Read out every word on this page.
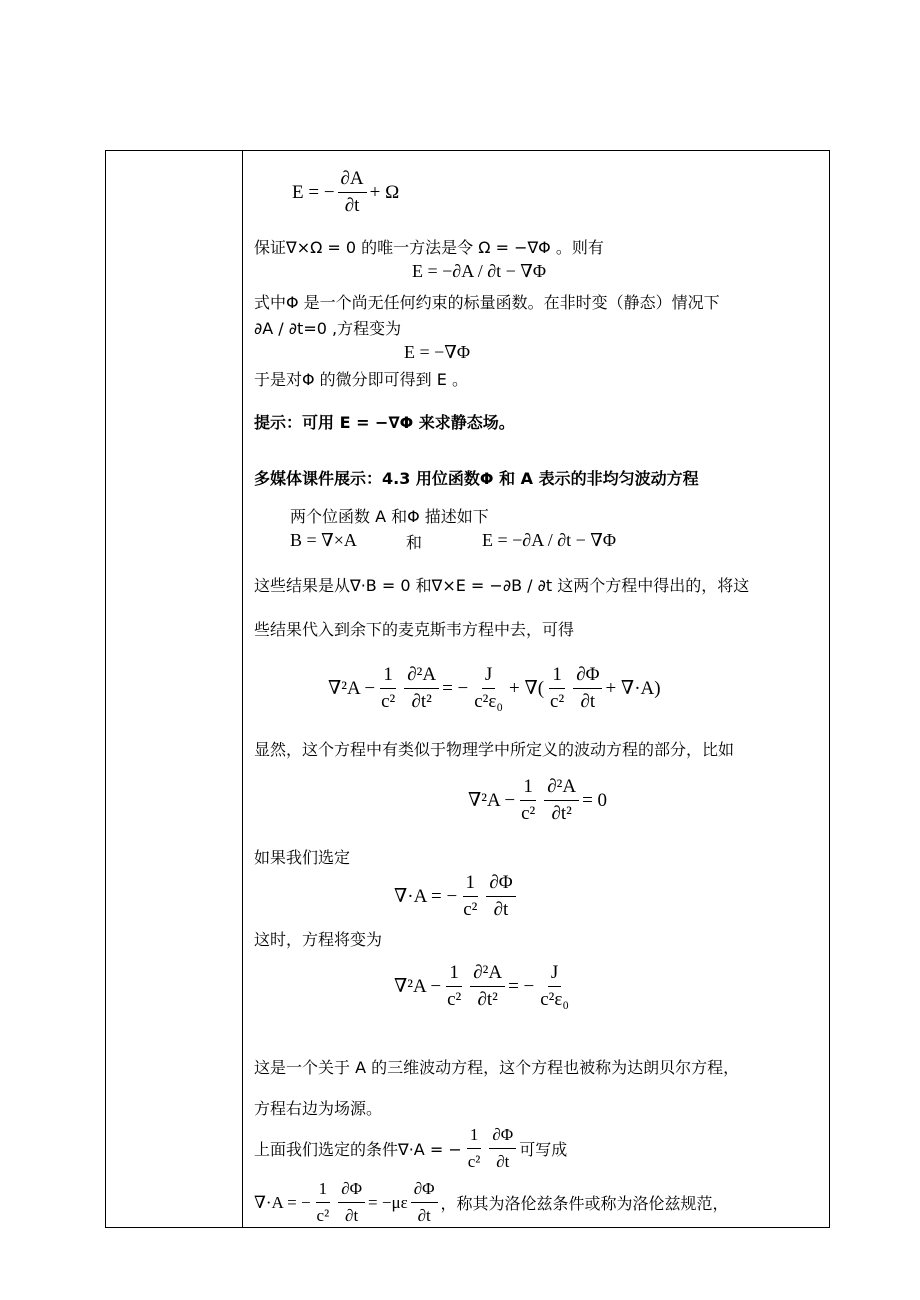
E = − $\frac{\partial A}{\partial t} + \Omega$
保证∇×Ω = 0 的唯一方法是令 Ω = −∇Φ 。则有
E = −∂A / ∂t − ∇Φ
式中Φ 是一个尚无任何约束的标量函数。在非时变（静态）情况下
∂A / ∂t=0 ,方程变为
E = −∇Φ
于是对Φ 的微分即可得到 E 。
提示：可用 E = −∇Φ 来求静态场。
多媒体课件展示：4.3 用位函数Φ 和 A 表示的非均匀波动方程
两个位函数 A 和Φ 描述如下
B = ∇×A	和	E = −∂A / ∂t − ∇Φ
这些结果是从∇·B = 0 和∇×E = −∂B / ∂t 这两个方程中得出的，将这
些结果代入到余下的麦克斯韦方程中去，可得
$\nabla^2A - \frac{1}{\text{c²}} \frac{\text{∂²A}}{\text{∂t²}}$ = − $\frac{J}{\text{c²ε₀}}$ + ∇( $\frac{1}{\text{c²}} \frac{\partial\Phi}{\partial t} + \nabla\cdot A$)
显然，这个方程中有类似于物理学中所定义的波动方程的部分，比如
$\nabla^2A - \frac{1}{\text{c²}} \frac{\text{∂²A}}{\text{∂t²}} = 0$
如果我们选定
∇·A = − $\frac{1}{\text{c²}} \frac{\partial\Phi}{\partial t}$
这时，方程将变为
$\nabla^2A - \frac{1}{\text{c²}} \frac{\text{∂²A}}{\text{∂t²}}$ = − $\frac{J}{\text{c²ε₀}}$
这是一个关于 A 的三维波动方程，这个方程也被称为达朗贝尔方程，
方程右边为场源。
上面我们选定的条件∇·A = − $\frac{1}{\text{c²}} \frac{\partial\Phi}{\partial t}$ 可写成
∇·A = − $\frac{1}{\text{c²}} \frac{\partial\Phi}{\partial t} = -\mu\varepsilon \frac{\partial\Phi}{\partial t}$ ，称其为洛伦兹条件或称为洛伦兹规范，
